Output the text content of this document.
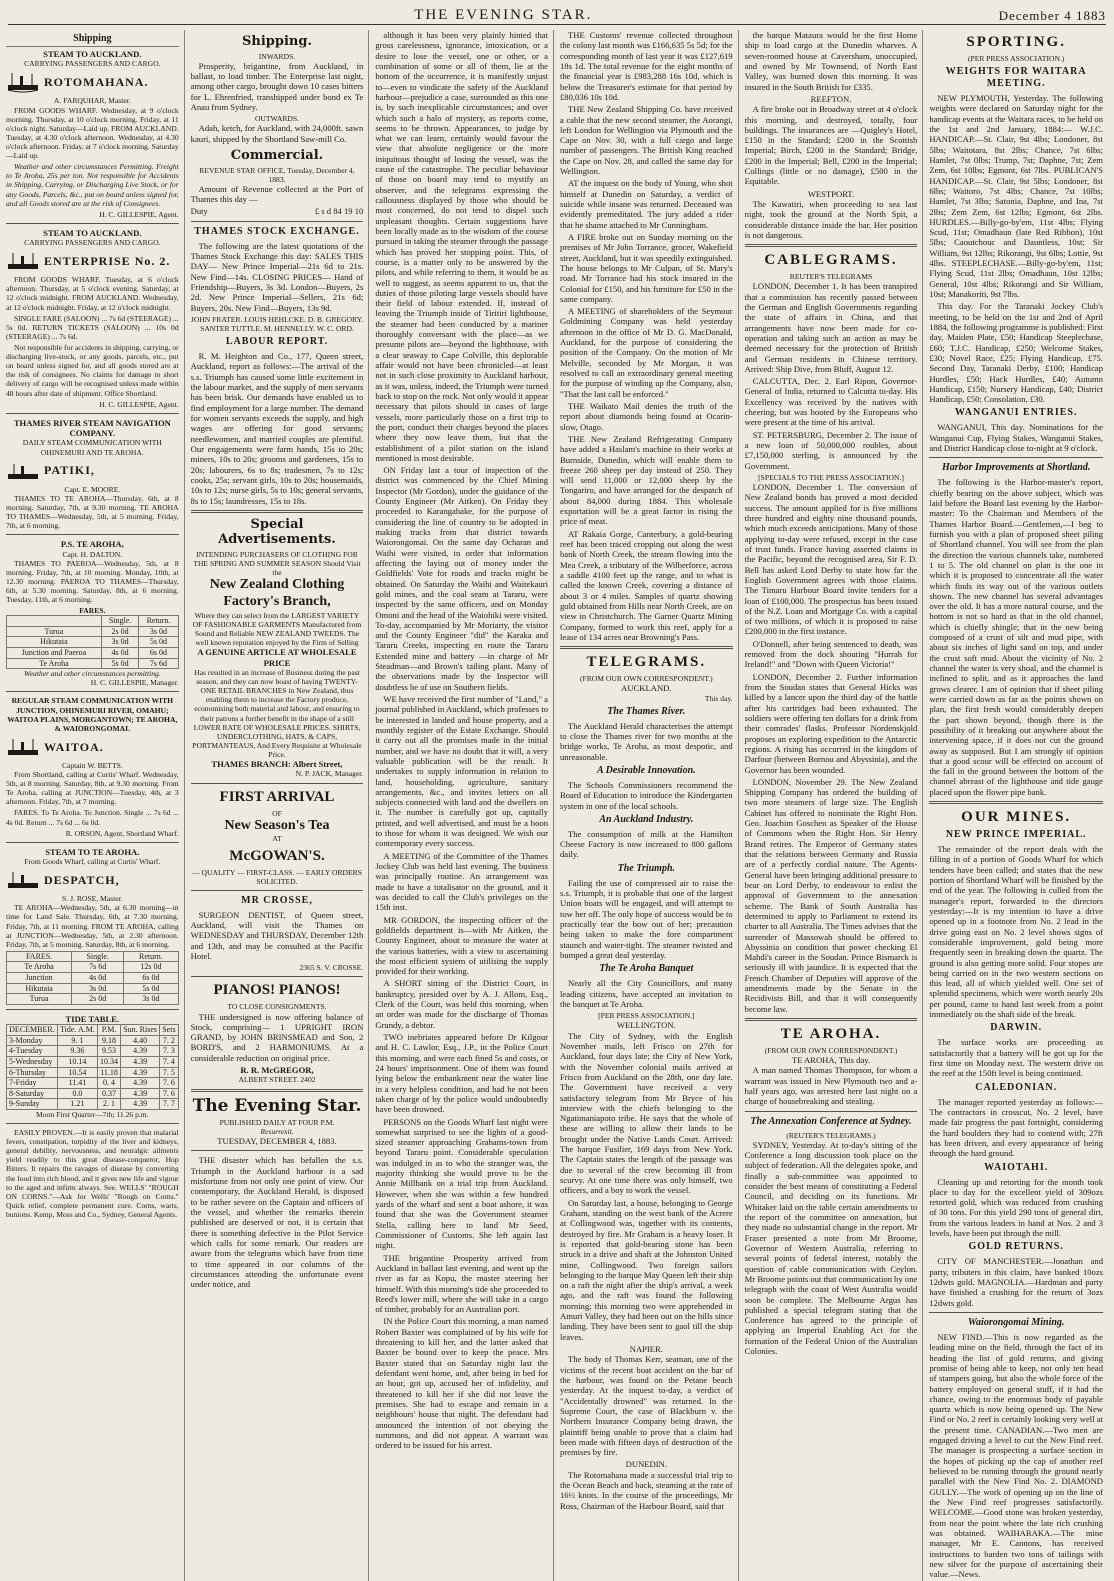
THE EVENING STAR.	December 4 1883
Shipping
STEAM TO AUCKLAND.
CARRYING PASSENGERS AND CARGO.
ROTOMAHANA.
A. FARQUHAR, Master.

FROM GOODS WHARF. Wednesday, at 9 o'clock morning. Thursday, at 10 o'clock morning. Friday, at 11 o'clock night. Saturday—Laid up. FROM AUCKLAND. Tuesday, at 4.30 o'clock afternoon. Wednesday, at 4.30 o'clock afternoon. Friday, at 7 o'clock morning. Saturday—Laid up.

Weather and other circumstances Permitting. Freight to Te Aroha, 25s per ton. Not responsible for Accidents in Shipping, Carrying, or Discharging Live Stock, or for any Goods, Parcels, &c., put on board unless signed for, and all Goods stored are at the risk of Consignees.

H. C. GILLESPIE, Agent.
STEAM TO AUCKLAND.
CARRYING PASSENGERS AND CARGO.
ENTERPRISE No. 2.

FROM GOODS WHARF. Tuesday, at 6 o'clock afternoon. Thursday, at 5 o'clock evening. Saturday, at 12 o'clock midnight. FROM AUCKLAND. Wednesday, at 12 o'clock midnight. Friday, at 12 o'clock midnight.

SINGLE FARE (SALOON) ... 7s 6d (STEERAGE) ... 5s 0d. RETURN TICKETS (SALOON) ... 10s 0d (STEERAGE) ... 7s 6d.

Not responsible for accidents in shipping, carrying, or discharging live-stock, or any goods, parcels, etc., put on board unless signed for, and all goods stored are at the risk of consignees. No claims for damage to short delivery of cargo will be recognised unless made within 48 hours after date of shipment. Office Shortland.

H. C. GILLESPIE, Agent.
THAMES RIVER STEAM NAVIGATION COMPANY.
DAILY STEAM COMMUNICATION WITH OHINEMURI AND TE AROHA.
PATIKI,
Capt. E. MOORE.

THAMES TO TE AROHA—Thursday, 6th, at 8 morning. Saturday, 7th, at 9.30 morning. TE AROHA TO THAMES—Wednesday, 5th, at 5 morning. Friday, 7th, at 6 morning.

P.S. TE AROHA,
Capt. H. DALTON.

THAMES TO PAEROA—Wednesday, 5th, at 8 morning. Friday, 7th, at 10 morning. Monday, 10th, at 12.30 morning. PAEROA TO THAMES—Thursday, 6th, at 5.30 morning. Saturday, 8th, at 6 morning. Tuesday, 11th, at 6 morning.

FARES.
	Single.	Return.
Turua	2s 0d	3s 0d
Hikutaia	3s 0d	5s 0d
Junction and Paeroa	4s 0d	6s 0d
Te Aroha	5s 0d	7s 6d
Weather and other circumstances permitting.
H. C. GILLESPIE, Manager.
REGULAR STEAM COMMUNICATION WITH JUNCTION, OHINEMURI RIVER, OMAHU; WAITOA PLAINS, MORGANTOWN; TE AROHA, & WAIORONGOMAI.
WAITOA.
Captain W. BETTS.

From Shortland, calling at Curtis' Wharf. Wednesday, 5th, at 8 morning. Saturday, 8th, at 9.30 morning. From Te Aroha, calling at JUNCTION—Tuesday, 4th, at 3 afternoon. Friday, 7th, at 7 morning.

FARES. To Te Aroha. To Junction. Single ... 7s 6d ... 4s 0d. Return ... 7s 6d ... 6s 0d.

R. ORSON, Agent, Shortland Wharf.
STEAM TO TE AROHA.
From Goods Wharf, calling at Curtis' Wharf.
DESPATCH,
S. J. ROSE, Master.

TE AROHA—Wednesday, 5th, at 6.30 morning—in time for Land Sale. Thursday, 6th, at 7.30 morning. Friday, 7th, at 11 morning. FROM TE AROHA, calling at JUNCTION—Wednesday, 5th, at 2.30 afternoon. Friday, 7th, at 5 morning. Saturday, 8th, at 6 morning.

FARES.	Single.	Return.
Te Aroha	7s 6d	12s 0d
Junction	4s 0d	6s 0d
Hikutaia	3s 0d	5s 0d
Turua	2s 0d	3s 0d
TIDE TABLE.
DECEMBER.	Tide. A.M.	P.M.	Sun. Rises	Sets
3-Monday	9. 1	9.18	4.40	7. 2
4-Tuesday	9.36	9.53	4.39	7. 3
5-Wednesday	10.14	10.34	4.39	7. 4
6-Thursday	10.54	11.18	4.39	7. 5
7-Friday	11.41	0. 4	4.39	7. 6
8-Saturday	0.0	0.37	4.39	7. 6
9-Sunday	1.21	2. 1	4.39	7. 7
Moon First Quarter—7th; 11.26 p.m.

EASILY PROVEN.—It is easily proven that malarial fevers, constipation, torpidity of the liver and kidneys, general debility, nervousness, and neuralgic ailments yield readily to this great disease-conqueror, Hop Bitters. It repairs the ravages of disease by converting the food into rich blood, and it gives new life and vigour to the aged and infirm always. See. WELLS' "ROUGH ON CORNS."—Ask for Wells' "Rough on Corns." Quick relief, complete permanent cure. Corns, warts, bunions. Kemp, Moss and Co., Sydney, General Agents.

Shipping.
INWARDS.

Prosperity, brigantine, from Auckland, in ballast, to load timber. The Enterprise last night, among other cargo, brought down 10 cases bitters for L. Ehrenfried, transhipped under bond ex Te Anau from Sydney.

OUTWARDS.

Adah, ketch, for Auckland, with 24,000ft. sawn kauri, shipped by the Shortland Saw-mill Co.

Commercial.
REVENUE STAR OFFICE, Tuesday, December 4, 1883.

Amount of Revenue collected at the Port of Thames this day —

Duty	£ s d 84 19 10
THAMES STOCK EXCHANGE.

The following are the latest quotations of the Thames Stock Exchange this day: SALES THIS DAY— New Prince Imperial—21s 6d to 21s. New Find—14s. CLOSING PRICES— Hand of Friendship—Buyers, 3s 3d. London—Buyers, 2s 2d. New Prince Imperial—Sellers, 21s 6d; Buyers, 20s. New Find—Buyers, 13s 9d.

JOHN FRATER. LOUIS HEHLCKE. D. B. GREGORY. SANTER TUTTLE. M. HENNELLY. W. C. ORD.
LABOUR REPORT.

R. M. Heighton and Co., 177, Queen street, Auckland, report as follows:—The arrival of the s.s. Triumph has caused some little excitement in the labour market, and the supply of men servants has been brisk. Our demands have enabled us to find employment for a large number. The demand for women servants exceeds the supply, and high wages are offering for good servants; needlewomen, and married couples are plentiful. Our engagements were farm hands, 15s to 20s; miners, 10s to 20s; grooms and gardeners, 15s to 20s; labourers, 6s to 8s; tradesmen, 7s to 12s; cooks, 25s; servant girls, 10s to 20s; housemaids, 10s to 12s; nurse girls, 5s to 10s; general servants, 8s to 15s; laundresses, 15s to 18s.

Special Advertisements.
INTENDING PURCHASERS OF CLOTHING FOR THE SPRING AND SUMMER SEASON Should Visit the
New Zealand Clothing Factory's Branch,
Where they can select from the LARGEST VARIETY OF FASHIONABLE GARMENTS Manufactured from Sound and Reliable NEW ZEALAND TWEEDS. The well known reputation enjoyed by the Firm of Selling
A GENUINE ARTICLE AT WHOLESALE PRICE
Has resulted in an increase of Business during the past season, and they can now boast of having TWENTY-ONE RETAIL BRANCHES in New Zealand, thus enabling them to increase the Factory produce, economising both material and labour, and ensuring to their patrons a further benefit in the shape of a still LOWER RATE OF WHOLESALE PRICES. SHIRTS, UNDERCLOTHING, HATS, & CAPS, PORTMANTEAUS, And Every Requisite at Wholesale Price.
THAMES BRANCH: Albert Street,
N. P. JACK, Manager.
FIRST ARRIVAL
OF
New Season's Tea
AT
McGOWAN'S.
— QUALITY — FIRST-CLASS. — EARLY ORDERS SOLICITED.
MR CROSSE,

SURGEON DENTIST, of Queen street, Auckland, will visit the Thames on WEDNESDAY and THURSDAY, December 12th and 13th, and may be consulted at the Pacific Hotel.

2365 S. V. CROSSE.
PIANOS! PIANOS!
TO CLOSE CONSIGNMENTS.

THE undersigned is now offering balance of Stock, comprising— 1 UPRIGHT IRON GRAND, by JOHN BRINSMEAD and Son, 2 BORD'S, and 2 HARMONIUMS. At a considerable reduction on original price.

R. R. McGREGOR,
ALBERT STREET. 2402
The Evening Star.
PUBLISHED DAILY AT FOUR P.M.
Resurrexit.
TUESDAY, DECEMBER 4, 1883.

THE disaster which has befallen the s.s. Triumph in the Auckland harbour is a sad misfortune from not only one point of view. Our contemporary, the Auckland Herald, is disposed to be rather severe on the Captain and officers of the vessel, and whether the remarks therein published are deserved or not, it is certain that there is something defective in the Pilot Service which calls for some remark. Our readers are aware from the telegrams which have from time to time appeared in our columns of the circumstances attending the unfortunate event under notice, and

although it has been very plainly hinted that gross carelessness, ignorance, intoxication, or a desire to lose the vessel, one or other, or a combination of some or all of them, lie at the bottom of the occurrence, it is manifestly unjust to—even to vindicate the safety of the Auckland harbour—prejudice a case, surrounded as this one is, by such inexplicable circumstances; and over which such a halo of mystery, as reports come, seems to be thrown. Appearances, to judge by what we can learn, certainly would favour the view that absolute negligence or the more iniquitous thought of losing the vessel, was the cause of the catastrophe. The peculiar behaviour of those on board may tend to mystify an observer, and the telegrams expressing the callousness displayed by those who should be most concerned, do not tend to dispel such unpleasant thoughts. Certain suggestions have been locally made as to the wisdom of the course pursued in taking the steamer through the passage which has proved her stopping point. This, of course, is a matter only to be answered by the pilots, and while referring to them, it would be as well to suggest, as seems apparent to us, that the duties of those piloting large vessels should have their field of labour extended. If, instead of leaving the Triumph inside of Tiritiri lighthouse, the steamer had been conducted by a mariner thoroughly conversant with the place—as we presume pilots are—beyond the lighthouse, with a clear seaway to Cape Colville, this deplorable affair would not have been chronicled—at least not in such close proximity to Auckland harbour, as it was, unless, indeed, the Triumph were turned back to stop on the rock. Not only would it appear necessary that pilots should in cases of large vessels, more particularly those on a first trip to the port, conduct their charges beyond the places where they now leave them, but that the establishment of a pilot station on the island mentioned is most desirable.

ON Friday last a tour of inspection of the district was commenced by the Chief Mining Inspector (Mr Gordon), under the guidance of the County Engineer (Mr Aitken). On Friday they proceeded to Karangahake, for the purpose of considering the line of country to be adopted in making tracks from that district towards Waiorongomai. On the same day Ocharan and Waihi were visited, in order that information affecting the laying out of money under the Goldfields' Vote for roads and tracks might be obtained. On Saturday the Waihi and Waitekauri gold mines, and the coal seam at Tararu, were inspected by the same officers, and on Monday Omoni and the head of the Waiohiki were visited. To-day, accompanied by Mr Moriarty, the visitor and the County Engineer "did" the Karaka and Tararu Creeks, inspecting en route the Tararu Extended mine and battery —in charge of Mr Steadman—and Brown's tailing plant. Many of the observations made by the Inspector will doubtless be of use on Southern fields.

WE have received the first number of "Land," a journal published in Auckland, which professes to be interested in landed and house property, and a monthly register of the Estate Exchange. Should it carry out all the promises made in the initial number, and we have no doubt that it will, a very valuable publication will be the result. It undertakes to supply information in relation to land, householding, agriculture, sanitary arrangements, &c., and invites letters on all subjects connected with land and the dwellers on it. The number is carefully got up, capitally printed, and well advertised, and must be a boon to those for whom it was designed. We wish our contemporary every success.

A MEETING of the Committee of the Thames Jockey Club was held last evening. The business was principally routine. An arrangement was made to have a totalisator on the ground, and it was decided to call the Club's privileges on the 15th inst.

MR GORDON, the inspecting officer of the goldfields department is—with Mr Aitken, the County Engineer, about to measure the water at the various batteries, with a view to ascertaining the most efficient system of utilising the supply provided for their working.

A SHORT sitting of the District Court, in bankruptcy, presided over by A. J. Allom, Esq., Clerk of the Court, was held this morning, when an order was made for the discharge of Thomas Grundy, a debtor.

TWO inebriates appeared before Dr Kilgour and H. C. Lawlor, Esq., J.P., in the Police Court this morning, and were each fined 5s and costs, or 24 hours' imprisonment. One of them was found lying below the embankment near the water line in a very helpless condition, and had he not been taken charge of by the police would undoubtedly have been drowned.

PERSONS on the Goods Wharf last night were somewhat surprised to see the lights of a good-sized steamer approaching Grahams-town from beyond Tararu point. Considerable speculation was indulged in as to who the stranger was, the majority thinking she would prove to be the Annie Millbank on a trial trip from Auckland. However, when she was within a few hundred yards of the wharf and sent a boat ashore, it was found that she was the Government steamer Stella, calling here to land Mr Seed, Commissioner of Customs. She left again last night.

THE brigantine Prosperity arrived from Auckland in ballast last evening, and went up the river as far as Kopu, the master steering her himself. With this morning's tide she proceeded to Reed's lower mill, where she will take in a cargo of timber, probably for an Australian port.

IN the Police Court this morning, a man named Robert Baxter was complained of by his wife for threatening to kill her, and the latter asked that Baxter be bound over to keep the peace. Mrs Baxter stated that on Saturday night last the defendant went home, and, after being in bed for an hour, got up, accused her of infidelity, and threatened to kill her if she did not leave the premises. She had to escape and remain in a neighbours' house that night. The defendant had announced the intention of not obeying the summons, and did not appear. A warrant was ordered to be issued for his arrest.

THE Customs' revenue collected throughout the colony last month was £166,635 5s 5d; for the corresponding month of last year it was £127,619 18s 1d. The total revenue for the eight months of the financial year is £983,288 16s 10d, which is below the Treasurer's estimate for that period by £80,036 10s 10d.

THE New Zealand Shipping Co. have received a cable that the new second steamer, the Aorangi, left London for Wellington via Plymouth and the Cape on Nov. 30, with a full cargo and large number of passengers. The British King reached the Cape on Nov. 28, and called the same day for Wellington.

AT the inquest on the body of Young, who shot himself at Dunedin on Saturday, a verdict of suicide while insane was returned. Deceased was evidently premeditated. The jury added a rider that he shame attached to Mr Cunningham.

A FIRE broke out on Sunday morning on the premises of Mr John Torrance, grocer, Wakefield street, Auckland, but it was speedily extinguished. The house belongs to Mr Culpan, of St. Mary's road. Mr Torrance had his stock insured in the Colonial for £150, and his furniture for £50 in the same company.

A MEETING of shareholders of the Seymour Goldmining Company was held yesterday afternoon in the office of Mr D. G. MacDonald, Auckland, for the purpose of considering the position of the Company. On the motion of Mr Melville, seconded by Mr Morgan, it was resolved to call an extraordinary general meeting for the purpose of winding up the Company, also, "That the last call be enforced."

THE Waikato Mail denies the truth of the report about diamonds being found at Ocarin-slow, Otago.

THE New Zealand Refrigerating Company have added a Haslam's machine to their works at Burnside, Dunedin, which will enable them to freeze 260 sheep per day instead of 250. They will send 11,000 or 12,000 sheep by the Tongariro, and have arranged for the despatch of about 84,000 during 1884. This wholesale exportation will be a great factor in rising the price of meat.

AT Rakaia Gorge, Canterbury, a gold-bearing reef has been traced cropping out along the west bank of North Creek, the stream flowing into the Mea Creek, a tributary of the Wilberforce, across a saddle 4100 feet up the range, and to what is called the known Creek, covering a distance of about 3 or 4 miles. Samples of quartz showing gold obtained from Hills near North Creek, are on view in Christchurch. The Garner Quartz Mining Company, formed to work this reef, apply for a lease of 134 acres near Browning's Pass.

TELEGRAMS.
(FROM OUR OWN CORRESPONDENT.)
AUCKLAND.
This day.
The Thames River.

The Auckland Herald characterises the attempt to close the Thames river for two months at the bridge works, Te Aroha, as most despotic, and unreasonable.

A Desirable Innovation.

The Schools Commissioners recommend the Board of Education to introduce the Kindergarten system in one of the local schools.

An Auckland Industry.

The consumption of milk at the Hamilton Cheese Factory is now increased to 800 gallons daily.

The Triumph.

Failing the use of compressed air to raise the s.s. Triumph, it is probable that one of the largest Union boats will be engaged, and will attempt to tow her off. The only hope of success would be to practically tear the bow out of her; precaution being taken to make the fore compartment staunch and water-tight. The steamer twisted and bumped a great deal yesterday.

The Te Aroha Banquet

Nearly all the City Councillors, and many leading citizens, have accepted an invitation to the banquet at Te Aroha.

[PER PRESS ASSOCIATION.]
WELLINGTON.

The City of Sydney, with the English November mails, left Frisco on 27th for Auckland, four days late; the City of New York, with the November colonial mails arrived at Frisco from Auckland on the 28th, one day late. The Government have received a very satisfactory telegram from Mr Bryce of his interview with the chiefs belonging to the Ngatimaniapoto tribe. He says that the whole of these are willing to allow their lands to be brought under the Native Lands Court. Arrived: The barque Fusilier, 169 days from New York. The Captain states the length of the passage was due to several of the crew becoming ill from scurvy. At one time there was only himself, two officers, and a boy to work the vessel.

On Saturday last, a house, belonging to George Graham, standing on the west bank of the Acrere at Collingwood was, together with its contents, destroyed by fire. Mr Graham is a heavy loser. It is reported that gold-bearing stone has been struck in a drive and shaft at the Johnston United mine, Collingwood. Two foreign sailors belonging to the barque May Queen left their ship on a raft the night after the ship's arrival, a week ago, and the raft was found the following morning; this morning two were apprehended in Amuri Valley, they had been out on the hills since landing. They have been sent to gaol till the ship leaves.

NAPIER.

The body of Thomas Kerr, seaman, one of the victims of the recent boat accident on the bar of the harbour, was found on the Petane beach yesterday. At the inquest to-day, a verdict of "Accidentally drowned" was returned. In the Supreme Court, the case of Blackburn v. the Northern Insurance Company being drawn, the plaintiff being unable to prove that a claim had been made with fifteen days of destruction of the premises by fire.

DUNEDIN.

The Rotomahana made a successful trial trip to the Ocean Beach and back, steaming at the rate of 16½ knots. In the course of the proceedings, Mr Ross, Chairman of the Harbour Board, said that

the barque Mataura would be the first Home ship to load cargo at the Dunedin wharves. A seven-roomed house at Caversham, unoccupied, and owned by Mr Townsend, of North East Valley, was burned down this morning. It was insured in the South British for £335.

REEFTON.

A fire broke out in Broadway street at 4 o'clock this morning, and destroyed, totally, four buildings. The insurances are —Quigley's Hotel, £150 in the Standard; £200 in the Scottish Imperial; Birch, £200 in the Standard; Bridge, £200 in the Imperial; Bell, £200 in the Imperial; Collings (little or no damage), £500 in the Equitable.

WESTPORT.

The Kawatiri, when proceeding to sea last night, took the ground at the North Spit, a considerable distance inside the bar. Her position is not dangerous.

CABLEGRAMS.
REUTER'S TELEGRAMS

LONDON, December 1. It has been transpired that a commission has recently passed between the German and English Governments regarding the state of affairs in China, and that arrangements have now been made for co-operation and taking such an action as may be deemed necessary for the protection of British and German residents in Chinese territory. Arrived: Ship Dive, from Bluff, August 12.

CALCUTTA, Dec. 2. Earl Ripon, Governor-General of India, returned to Calcutta to-day. His Excellency was received by the natives with cheering, but was hooted by the Europeans who were present at the time of his arrival.

ST. PETERSBURG, December 2. The issue of a new loan of 50,000,000 roubles, about £7,150,000 sterling, is announced by the Government.

[SPECIALS TO THE PRESS ASSOCIATION.]

LONDON, December 1. The conversion of New Zealand bonds has proved a most decided success. The amount applied for is five millions three hundred and eighty nine thousand pounds, which much exceeds anticipations. Many of those applying to-day were refused, except in the case of trust funds. France having asserted claims in the Pacific, beyond the recognised area, Sir F. D. Bell has asked Lord Derby to state how far the English Government agrees with those claims. The Timaru Harbour Board invite tenders for a loan of £100,000. The prospectus has been issued of the N.Z. Loan and Mortgage Co. with a capital of two millions, of which it is proposed to raise £200,000 in the first instance.

O'Donnell, after being sentenced to death, was removed from the dock shouting "Hurrah for Ireland!" and "Down with Queen Victoria!"

LONDON, December 2. Further information from the Soudan states that General Hicks was killed by a lancer upon the third day of the battle after his cartridges had been exhausted. The soldiers were offering ten dollars for a drink from their comrades' flasks. Professor Nordenskjold proposes an exploring expedition to the Antarctic regions. A rising has occurred in the kingdom of Darfour (between Bornou and Abyssinia), and the Governor has been wounded.

LONDON, November 29. The New Zealand Shipping Company has ordered the building of two more steamers of large size. The English Cabinet has offered to nominate the Right Hon. Geo. Joachim Goschen as Speaker of the House of Commons when the Right Hon. Sir Henry Brand retires. The Emperor of Germany states that the relations between Germany and Russia are of a perfectly cordial nature. The Agents-General have been bringing additional pressure to bear on Lord Derby, to endeavour to enlist the approval of Government to the annexation scheme. The Bank of South Australia has determined to apply to Parliament to extend its charter to all Australia. The Times advises that the surrender of Massowah should be offered to Abyssinia on condition that power checking El Mahdi's career in the Soudan. Prince Bismarck is seriously ill with jaundice. It is expected that the French Chamber of Deputies will approve of the amendments made by the Senate in the Recidivists Bill, and that it will consequently become law.

TE AROHA.
(FROM OUR OWN CORRESPONDENT.)
TE AROHA, This day.

A man named Thomas Thompson, for whom a warrant was issued in New Plymouth two and a-half years ago, was arrested here last night on a charge of housebreaking and stealing.

The Annexation Conference at Sydney.
(REUTER'S TELEGRAMS.)

SYDNEY, Yesterday. At to-day's sitting of the Conference a long discussion took place on the subject of federation. All the delegates spoke, and finally a sub-committee was appointed to consider the best means of constituting a Federal Council, and deciding on its functions. Mr Whitaker laid on the table certain amendments to the report of the committee on annexation, but they made no substantial change in the report. Mr Fraser presented a note from Mr Broome, Governor of Western Australia, referring to several points of federal interest, notably the question of cable communication with Ceylon. Mr Broome points out that communication by one telegraph with the coast of West Australia would soon be complete. The Melbourne Argus has published a special telegram stating that the Conference has agreed to the principle of applying an Imperial Enabling Act for the formation of the Federal Union of the Australian Colonies.

SPORTING.
(PER PRESS ASSOCIATION.)
WEIGHTS FOR WAITARA MEETING.

NEW PLYMOUTH, Yesterday. The following weights were declared on Saturday night for the handicap events at the Waitara races, to be held on the 1st and 2nd January, 1884:— W.J.C. HANDICAP.—St. Clair, 9st 4lbs; Londoner, 8st 5lbs; Waitotara, 8st 2lbs; Chance, 7st 6lbs; Hamlet, 7st 0lbs; Trump, 7st; Daphne, 7st; Zem Zem, 6st 10lbs; Egmont, 6st 7lbs. PUBLICAN'S HANDICAP.—St. Clair, 9st 5lbs; Londoner, 8st 6lbs; Waitoro, 7st 4lbs; Chance, 7st 10lbs; Hamlet, 7st 3lbs; Satonia, Daphne, and Ina, 7st 2lbs; Zem Zem, 6st 12lbs; Egmont, 6st 2lbs. HURDLES.—Billy-go-by'em, 11st 4lbs; Flying Scud, 11st; Omadhaun (late Red Ribbon), 10st 5lbs; Caoutchouc and Dauntless, 10st; Sir William, 9st 12lbs; Rikorangi, 9st 6lbs; Lottie, 9st 4lbs. STEEPLECHASE.—Billy-go-by'em, 11st; Flying Scud, 11st 2lbs; Omadhaun, 10st 12lbs; General, 10st 4lbs; Rikorangi and Sir William, 10st; Manakoriti, 9st 7lbs.

This day. For the Taranaki Jockey Club's meeting, to be held on the 1st and 2nd of April 1884, the following programme is published: First day, Maiden Plate, £50; Handicap Steeplechase, £60; T.J.C. Handicap, £250; Welcome Stakes, £30; Novel Race, £25; Flying Handicap, £75. Second Day, Taranaki Derby, £100; Handicap Hurdles, £50; Hack Hurdles, £40; Autumn Handicap, £150; Nursery Handicap, £40; District Handicap, £50; Consolation, £30.

WANGANUI ENTRIES.

WANGANUI, This day. Nominations for the Wanganui Cup, Flying Stakes, Wanganui Stakes, and District Handicap close to-night at 9 o'clock.

Harbor Improvements at Shortland.

The following is the Harbor-master's report, chiefly bearing on the above subject, which was laid before the Board last evening by the Harbor-master: To the Chairman and Members of the Thames Harbor Board.—Gentlemen,—I beg to furnish you with a plan of proposed sheet piling of Shortland channel. You will see from the plan the direction the various channels take, numbered 1 to 5. The old channel on plan is the one in which it is proposed to concentrate all the water which finds its way out of the various outlets shown. The new channel has several advantages over the old. It has a more natural course, and the bottom is not so hard as that in the old channel, which is chiefly shingle; that in the new being composed of a crust of silt and mud pipe, with about six inches of light sand on top, and under the crust soft mud. About the vicinity of No. 2 channel the water is very shoal, and the channel is inclined to split, and as it approaches the land grows clearer. I am of opinion that if sheet piling were carried down as far as the points shown on plan, the first fresh would considerably deepen the part shown beyond, though there is the possibility of it breaking out anywhere about the intervening space, if it does not cut the ground away as supposed. But I am strongly of opinion that a good scour will be effected on account of the fall in the ground between the bottom of the channel abreast of the lighthouse and tide gauge placed upon the flower pipe bank.

OUR MINES.
NEW PRINCE IMPERIAL.

The remainder of the report deals with the filling in of a portion of Goods Wharf for which tenders have been called; and states that the new portion of Shortland Wharf will be finished by the end of the year. The following is culled from the manager's report, forwarded to the directors yesterday:—It is my intention to have a drive opened up in a footnote from No. 2 lead in the drive going east on No. 2 level shows signs of considerable improvement, gold being more frequently seen in breaking down the quartz. The ground is also getting more solid. Four stopes are being carried on in the two western sections on this lead, all of which yielded well. One set of splendid specimens, which were worth nearly 20s per pound, came to hand last week from a point immediately on the shaft side of the break.

DARWIN.

The surface works are proceeding as satisfactorily that a battery will be got up for the first time on Monday next. The western drive on the reef at the 150ft level is being continued.

CALEDONIAN.

The manager reported yesterday as follows:—The contractors in crosscut, No. 2 level, have made fair progress the past fortnight, considering the hard boulders they had to contend with; 27ft has been driven, and every appearance of being through the hard ground.

WAIOTAHI.

Cleaning up and retorting for the month took place to day for the excellent yield of 309ozs retorted gold, which was reduced from crushing of 30 tons. For this yield 290 tons of general dirt, from the various leaders in hand at Nos. 2 and 3 levels, have been put through the mill.

GOLD RETURNS.

CITY OF MANCHESTER.—Jonathan and party, tributers in this claim, have banked 10ozs 12dwts gold. MAGNOLIA.—Hardman and party have finished a crushing for the return of 3ozs 12dwts gold.

Waiorongomai Mining.

NEW FIND.—This is now regarded as the leading mine on the field, through the fact of its heading the list of gold returns, and giving promise of being able to keep, not only ten head of stampers going, but also the whole force of the battery employed on general stuff, if it had the chance, owing to the enormous body of payable quartz which is now being opened up. The New Find or No. 2 reef is certainly looking very well at the present time. CANADIAN.—Two men are engaged driving a level to cut the New Find reef. The manager is prospecting a surface section in the hopes of picking up the cap of another reef believed to be running through the ground nearly parallel with the New Find No. 2. DIAMOND GULLY.—The work of opening up on the line of the New Find reef progresses satisfactorily. WELCOME.—Good stone was broken yesterday, from near the point where the late rich crushing was obtained. WAIHARAKA.—The mine manager, Mr E. Cannons, has received instructions to barden two tons of tailings with new silver for the purpose of ascertaining their value.—News.
